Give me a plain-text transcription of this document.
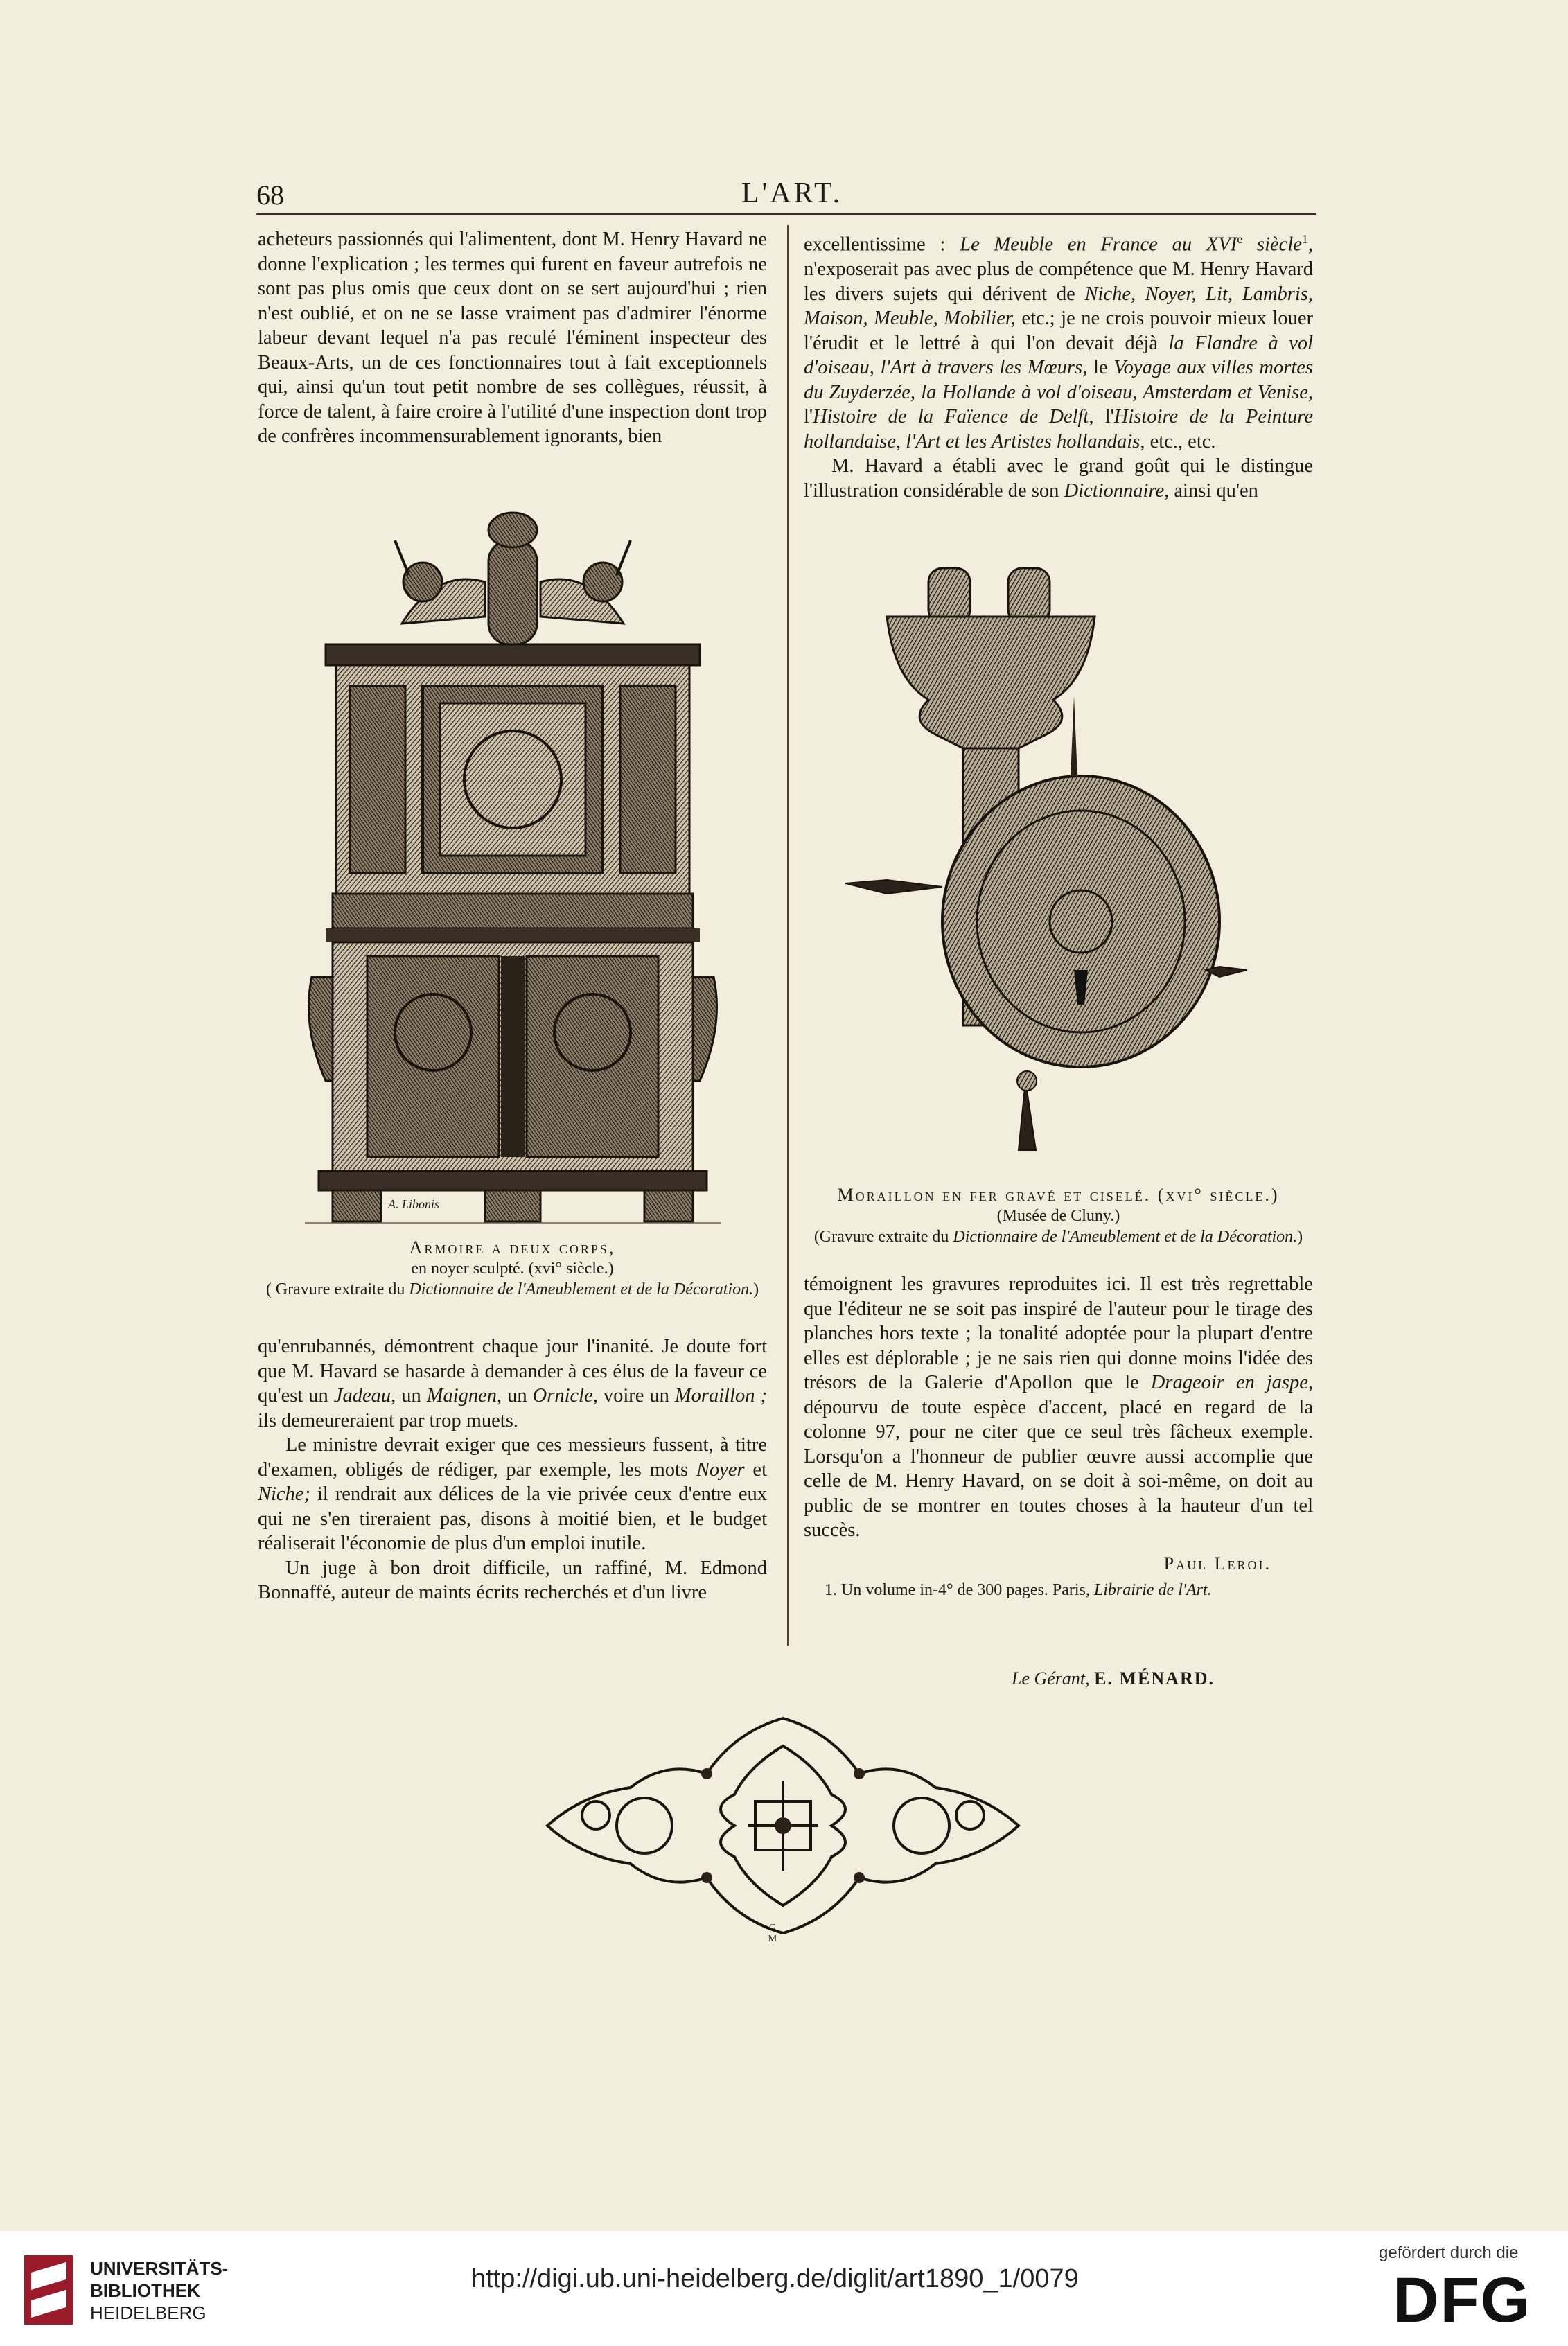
68	L'ART.

acheteurs passionnés qui l'alimentent, dont M. Henry Havard ne donne l'explication ; les termes qui furent en faveur autrefois ne sont pas plus omis que ceux dont on se sert aujourd'hui ; rien n'est oublié, et on ne se lasse vraiment pas d'admirer l'énorme labeur devant lequel n'a pas reculé l'éminent inspecteur des Beaux-Arts, un de ces fonctionnaires tout à fait exceptionnels qui, ainsi qu'un tout petit nombre de ses collègues, réussit, à force de talent, à faire croire à l'utilité d'une inspection dont trop de confrères incommensurablement ignorants, bien

A. Libonis
Armoire a deux corps,
en noyer sculpté. (xvi° siècle.)
( Gravure extraite du Dictionnaire de l'Ameublement et de la Décoration.)

qu'enrubannés, démontrent chaque jour l'inanité. Je doute fort que M. Havard se hasarde à demander à ces élus de la faveur ce qu'est un Jadeau, un Maignen, un Ornicle, voire un Moraillon ; ils demeureraient par trop muets.

Le ministre devrait exiger que ces messieurs fussent, à titre d'examen, obligés de rédiger, par exemple, les mots Noyer et Niche; il rendrait aux délices de la vie privée ceux d'entre eux qui ne s'en tireraient pas, disons à moitié bien, et le budget réaliserait l'économie de plus d'un emploi inutile.

Un juge à bon droit difficile, un raffiné, M. Edmond Bonnaffé, auteur de maints écrits recherchés et d'un livre

excellentissime : Le Meuble en France au XVIe siècle$^1$, n'exposerait pas avec plus de compétence que M. Henry Havard les divers sujets qui dérivent de Niche, Noyer, Lit, Lambris, Maison, Meuble, Mobilier, etc.; je ne crois pouvoir mieux louer l'érudit et le lettré à qui l'on devait déjà la Flandre à vol d'oiseau, l'Art à travers les Mœurs, le Voyage aux villes mortes du Zuyderzée, la Hollande à vol d'oiseau, Amsterdam et Venise, l'Histoire de la Faïence de Delft, l'Histoire de la Peinture hollandaise, l'Art et les Artistes hollandais, etc., etc.

M. Havard a établi avec le grand goût qui le distingue l'illustration considérable de son Dictionnaire, ainsi qu'en

Moraillon en fer gravé et ciselé. (xvi° siècle.)
(Musée de Cluny.)
(Gravure extraite du Dictionnaire de l'Ameublement et de la Décoration.)

témoignent les gravures reproduites ici. Il est très regrettable que l'éditeur ne se soit pas inspiré de l'auteur pour le tirage des planches hors texte ; la tonalité adoptée pour la plupart d'entre elles est déplorable ; je ne sais rien qui donne moins l'idée des trésors de la Galerie d'Apollon que le Drageoir en jaspe, dépourvu de toute espèce d'accent, placé en regard de la colonne 97, pour ne citer que ce seul très fâcheux exemple. Lorsqu'on a l'honneur de publier œuvre aussi accomplie que celle de M. Henry Havard, on se doit à soi-même, on doit au public de se montrer en toutes choses à la hauteur d'un tel succès.

Paul Leroi.

1. Un volume in-4° de 300 pages. Paris, Librairie de l'Art.

Le Gérant, E. MÉNARD.
G M
UNIVERSITÄTS-
BIBLIOTHEK
HEIDELBERG
http://digi.ub.uni-heidelberg.de/diglit/art1890_1/0079
gefördert durch die
DFG
